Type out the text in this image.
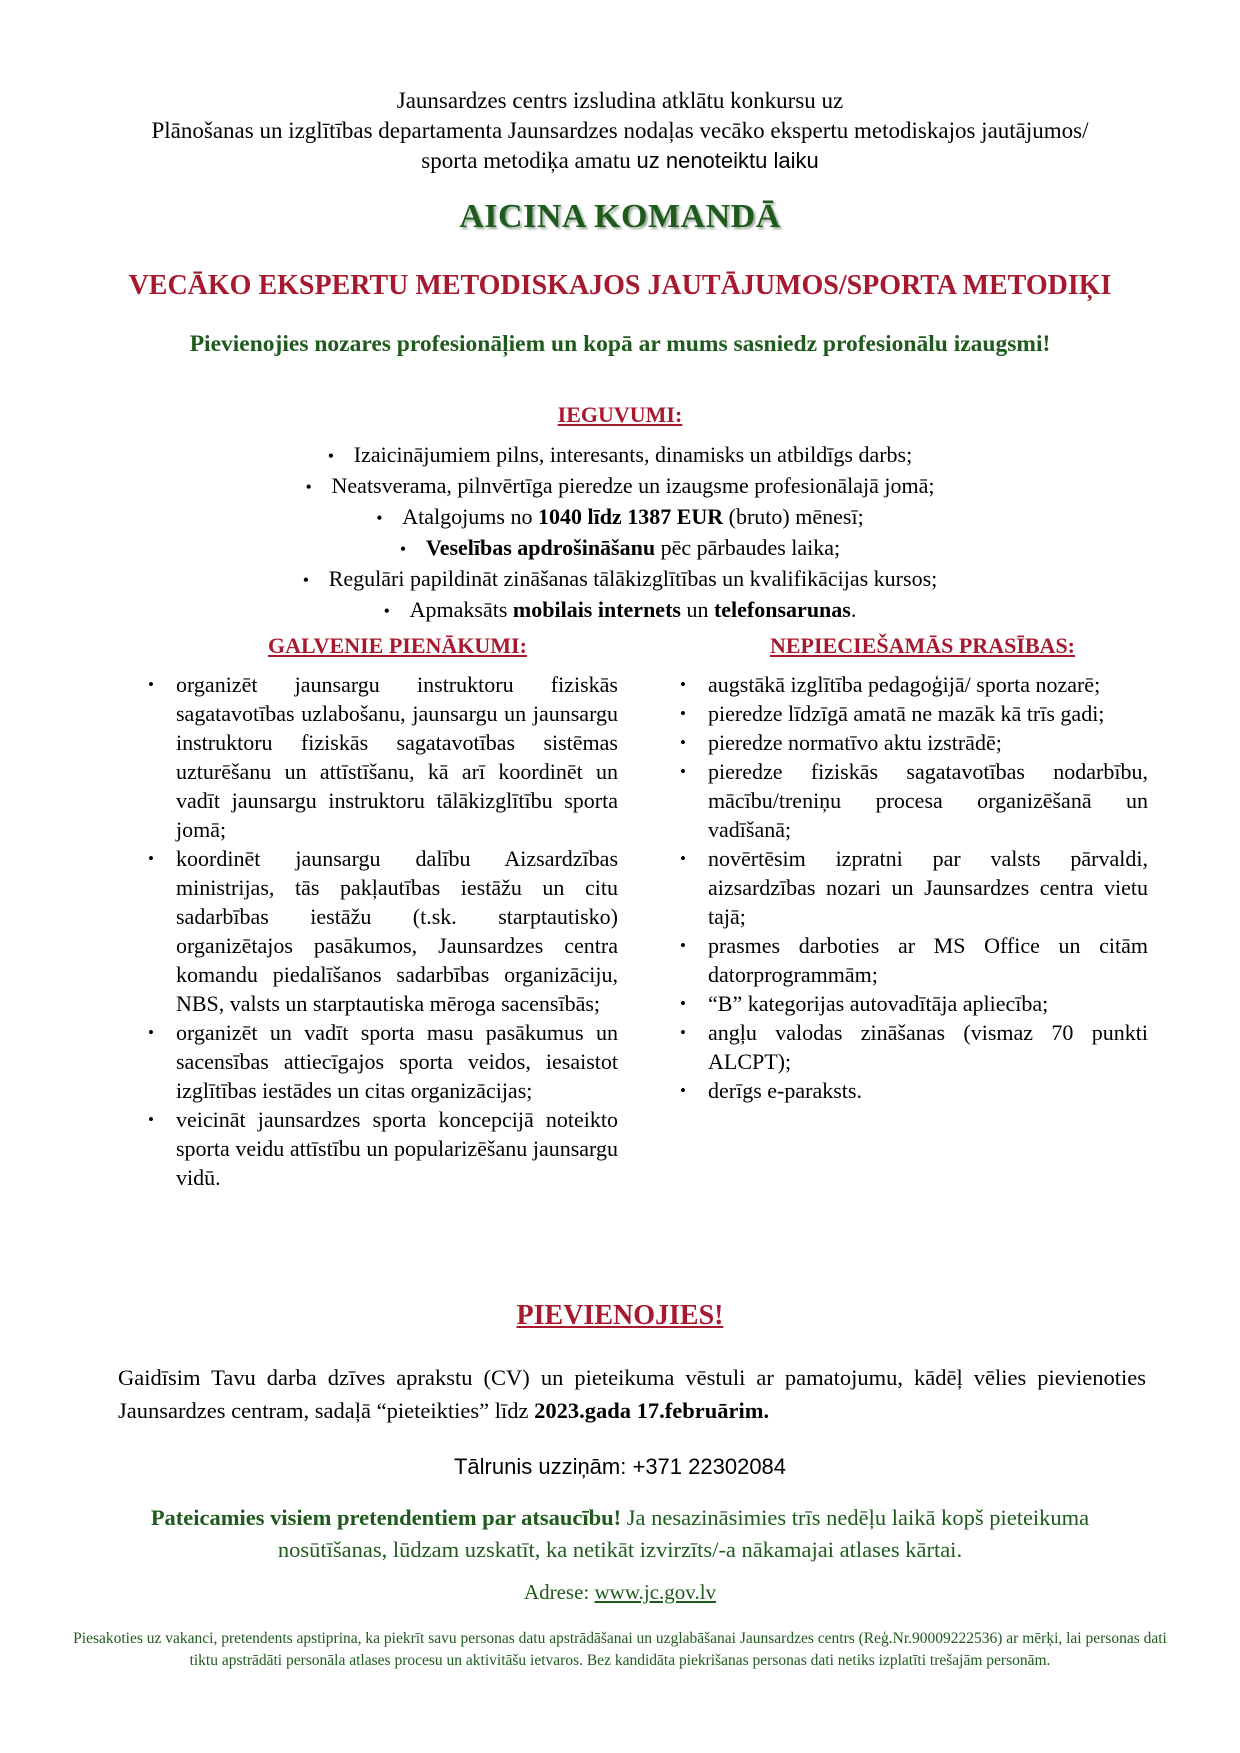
Jaunsardzes centrs izsludina atklātu konkursu uz
Plānošanas un izglītības departamenta Jaunsardzes nodaļas vecāko ekspertu metodiskajos jautājumos/
sporta metodiķa amatu uz nenoteiktu laiku
AICINA KOMANDĀ
VECĀKO EKSPERTU METODISKAJOS JAUTĀJUMOS/SPORTA METODIĶI
Pievienojies nozares profesionāļiem un kopā ar mums sasniedz profesionālu izaugsmi!
IEGUVUMI:
• Izaicinājumiem pilns, interesants, dinamisks un atbildīgs darbs;
• Neatsverama, pilnvērtīga pieredze un izaugsme profesionālajā jomā;
• Atalgojums no 1040 līdz 1387 EUR (bruto) mēnesī;
• Veselības apdrošināšanu pēc pārbaudes laika;
• Regulāri papildināt zināšanas tālākizglītības un kvalifikācijas kursos;
• Apmaksāts mobilais internets un telefonsarunas.
GALVENIE PIENĀKUMI:	NEPIECIEŠAMĀS PRASĪBAS:
• organizēt jaunsargu instruktoru fiziskās sagatavotības uzlabošanu, jaunsargu un jaunsargu instruktoru fiziskās sagatavotības sistēmas uzturēšanu un attīstīšanu, kā arī koordinēt un vadīt jaunsargu instruktoru tālākizglītību sporta jomā;
• koordinēt jaunsargu dalību Aizsardzības ministrijas, tās pakļautības iestāžu un citu sadarbības iestāžu (t.sk. starptautisko) organizētajos pasākumos, Jaunsardzes centra komandu piedalīšanos sadarbības organizāciju, NBS, valsts un starptautiska mēroga sacensībās;
• organizēt un vadīt sporta masu pasākumus un sacensības attiecīgajos sporta veidos, iesaistot izglītības iestādes un citas organizācijas;
• veicināt jaunsardzes sporta koncepcijā noteikto sporta veidu attīstību un popularizēšanu jaunsargu vidū.
• augstākā izglītība pedagoģijā/ sporta nozarē;
• pieredze līdzīgā amatā ne mazāk kā trīs gadi;
• pieredze normatīvo aktu izstrādē;
• pieredze fiziskās sagatavotības nodarbību, mācību/treniņu procesa organizēšanā un vadīšanā;
• novērtēsim izpratni par valsts pārvaldi, aizsardzības nozari un Jaunsardzes centra vietu tajā;
• prasmes darboties ar MS Office un citām datorprogrammām;
• “B” kategorijas autovadītāja apliecība;
• angļu valodas zināšanas (vismaz 70 punkti ALCPT);
• derīgs e-paraksts.
PIEVIENOJIES!
Gaidīsim Tavu darba dzīves aprakstu (CV) un pieteikuma vēstuli ar pamatojumu, kādēļ vēlies pievienoties Jaunsardzes centram, sadaļā “pieteikties” līdz 2023.gada 17.februārim.
Tālrunis uzziņām: +371 22302084
Pateicamies visiem pretendentiem par atsaucību! Ja nesazināsimies trīs nedēļu laikā kopš pieteikuma nosūtīšanas, lūdzam uzskatīt, ka netikāt izvirzīts/-a nākamajai atlases kārtai.
Adrese: www.jc.gov.lv
Piesakoties uz vakanci, pretendents apstiprina, ka piekrīt savu personas datu apstrādāšanai un uzglabāšanai Jaunsardzes centrs (Reģ.Nr.90009222536) ar mērķi, lai personas dati tiktu apstrādāti personāla atlases procesu un aktivitāšu ietvaros. Bez kandidāta piekrišanas personas dati netiks izplatīti trešajām personām.
